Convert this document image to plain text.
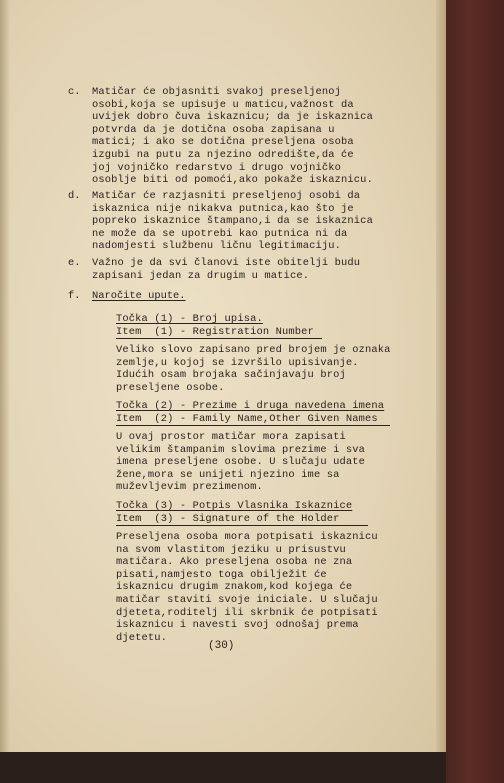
c. Matičar će objasniti svakoj preseljenoj
osobi,koja se upisuje u maticu,važnost da
uvijek dobro čuva iskaznicu; da je iskaznica
potvrda da je dotična osoba zapisana u
matici; i ako se dotična preseljena osoba
izgubi na putu za njezino odredište,da će
joj vojničko redarstvo i drugo vojničko
osoblje biti od pomoći,ako pokaže iskaznicu.
d. Matičar će razjasniti preseljenoj osobi da
iskaznica nije nikakva putnica,kao što je
popreko iskaznice štampano,i da se iskaznica
ne može da se upotrebi kao putnica ni da
nadomjesti službenu ličnu legitimaciju.
e. Važno je da svi članovi iste obitelji budu
zapisani jedan za drugim u matice.
f. Naročite upute.
Točka (1) - Broj upisa.
Item  (1) - Registration Number
Veliko slovo zapisano pred brojem je oznaka
zemlje,u kojoj se izvršilo upisivanje.
Idućih osam brojaka sačinjavaju broj
preseljene osobe.
Točka (2) - Prezime i druga navedena imena
Item  (2) - Family Name,Other Given Names
U ovaj prostor matičar mora zapisati
velikim štampanim slovima prezime i sva
imena preseljene osobe. U slučaju udate
žene,mora se unijeti njezino ime sa
muževljevim prezimenom.
Točka (3) - Potpis Vlasnika Iskaznice
Item  (3) - Signature of the Holder
Preseljena osoba mora potpisati iskaznicu
na svom vlastitom jeziku u prisustvu
matičara. Ako preseljena osoba ne zna
pisati,namjesto toga obilježit će
iskaznicu drugim znakom,kod kojega će
matičar staviti svoje iniciale. U slučaju
djeteta,roditelj ili skrbnik će potpisati
iskaznicu i navesti svoj odnošaj prema
djetetu.
(30)
